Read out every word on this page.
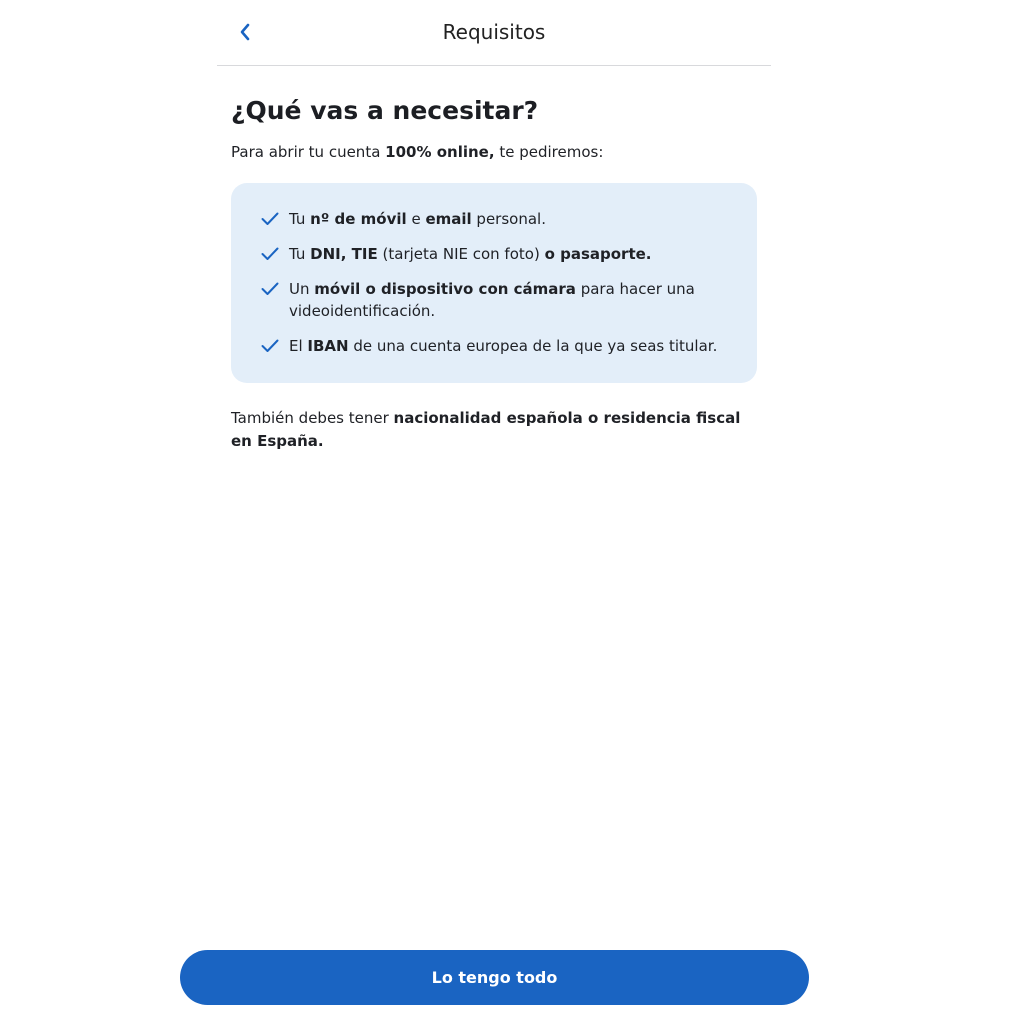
Requisitos
¿Qué vas a necesitar?

Para abrir tu cuenta 100% online, te pediremos:

Tu nº de móvil e email personal.
Tu DNI, TIE (tarjeta NIE con foto) o pasaporte.
Un móvil o dispositivo con cámara para hacer una videoidentificación.
El IBAN de una cuenta europea de la que ya seas titular.

También debes tener nacionalidad española o residencia fiscal en España.

Lo tengo todo
